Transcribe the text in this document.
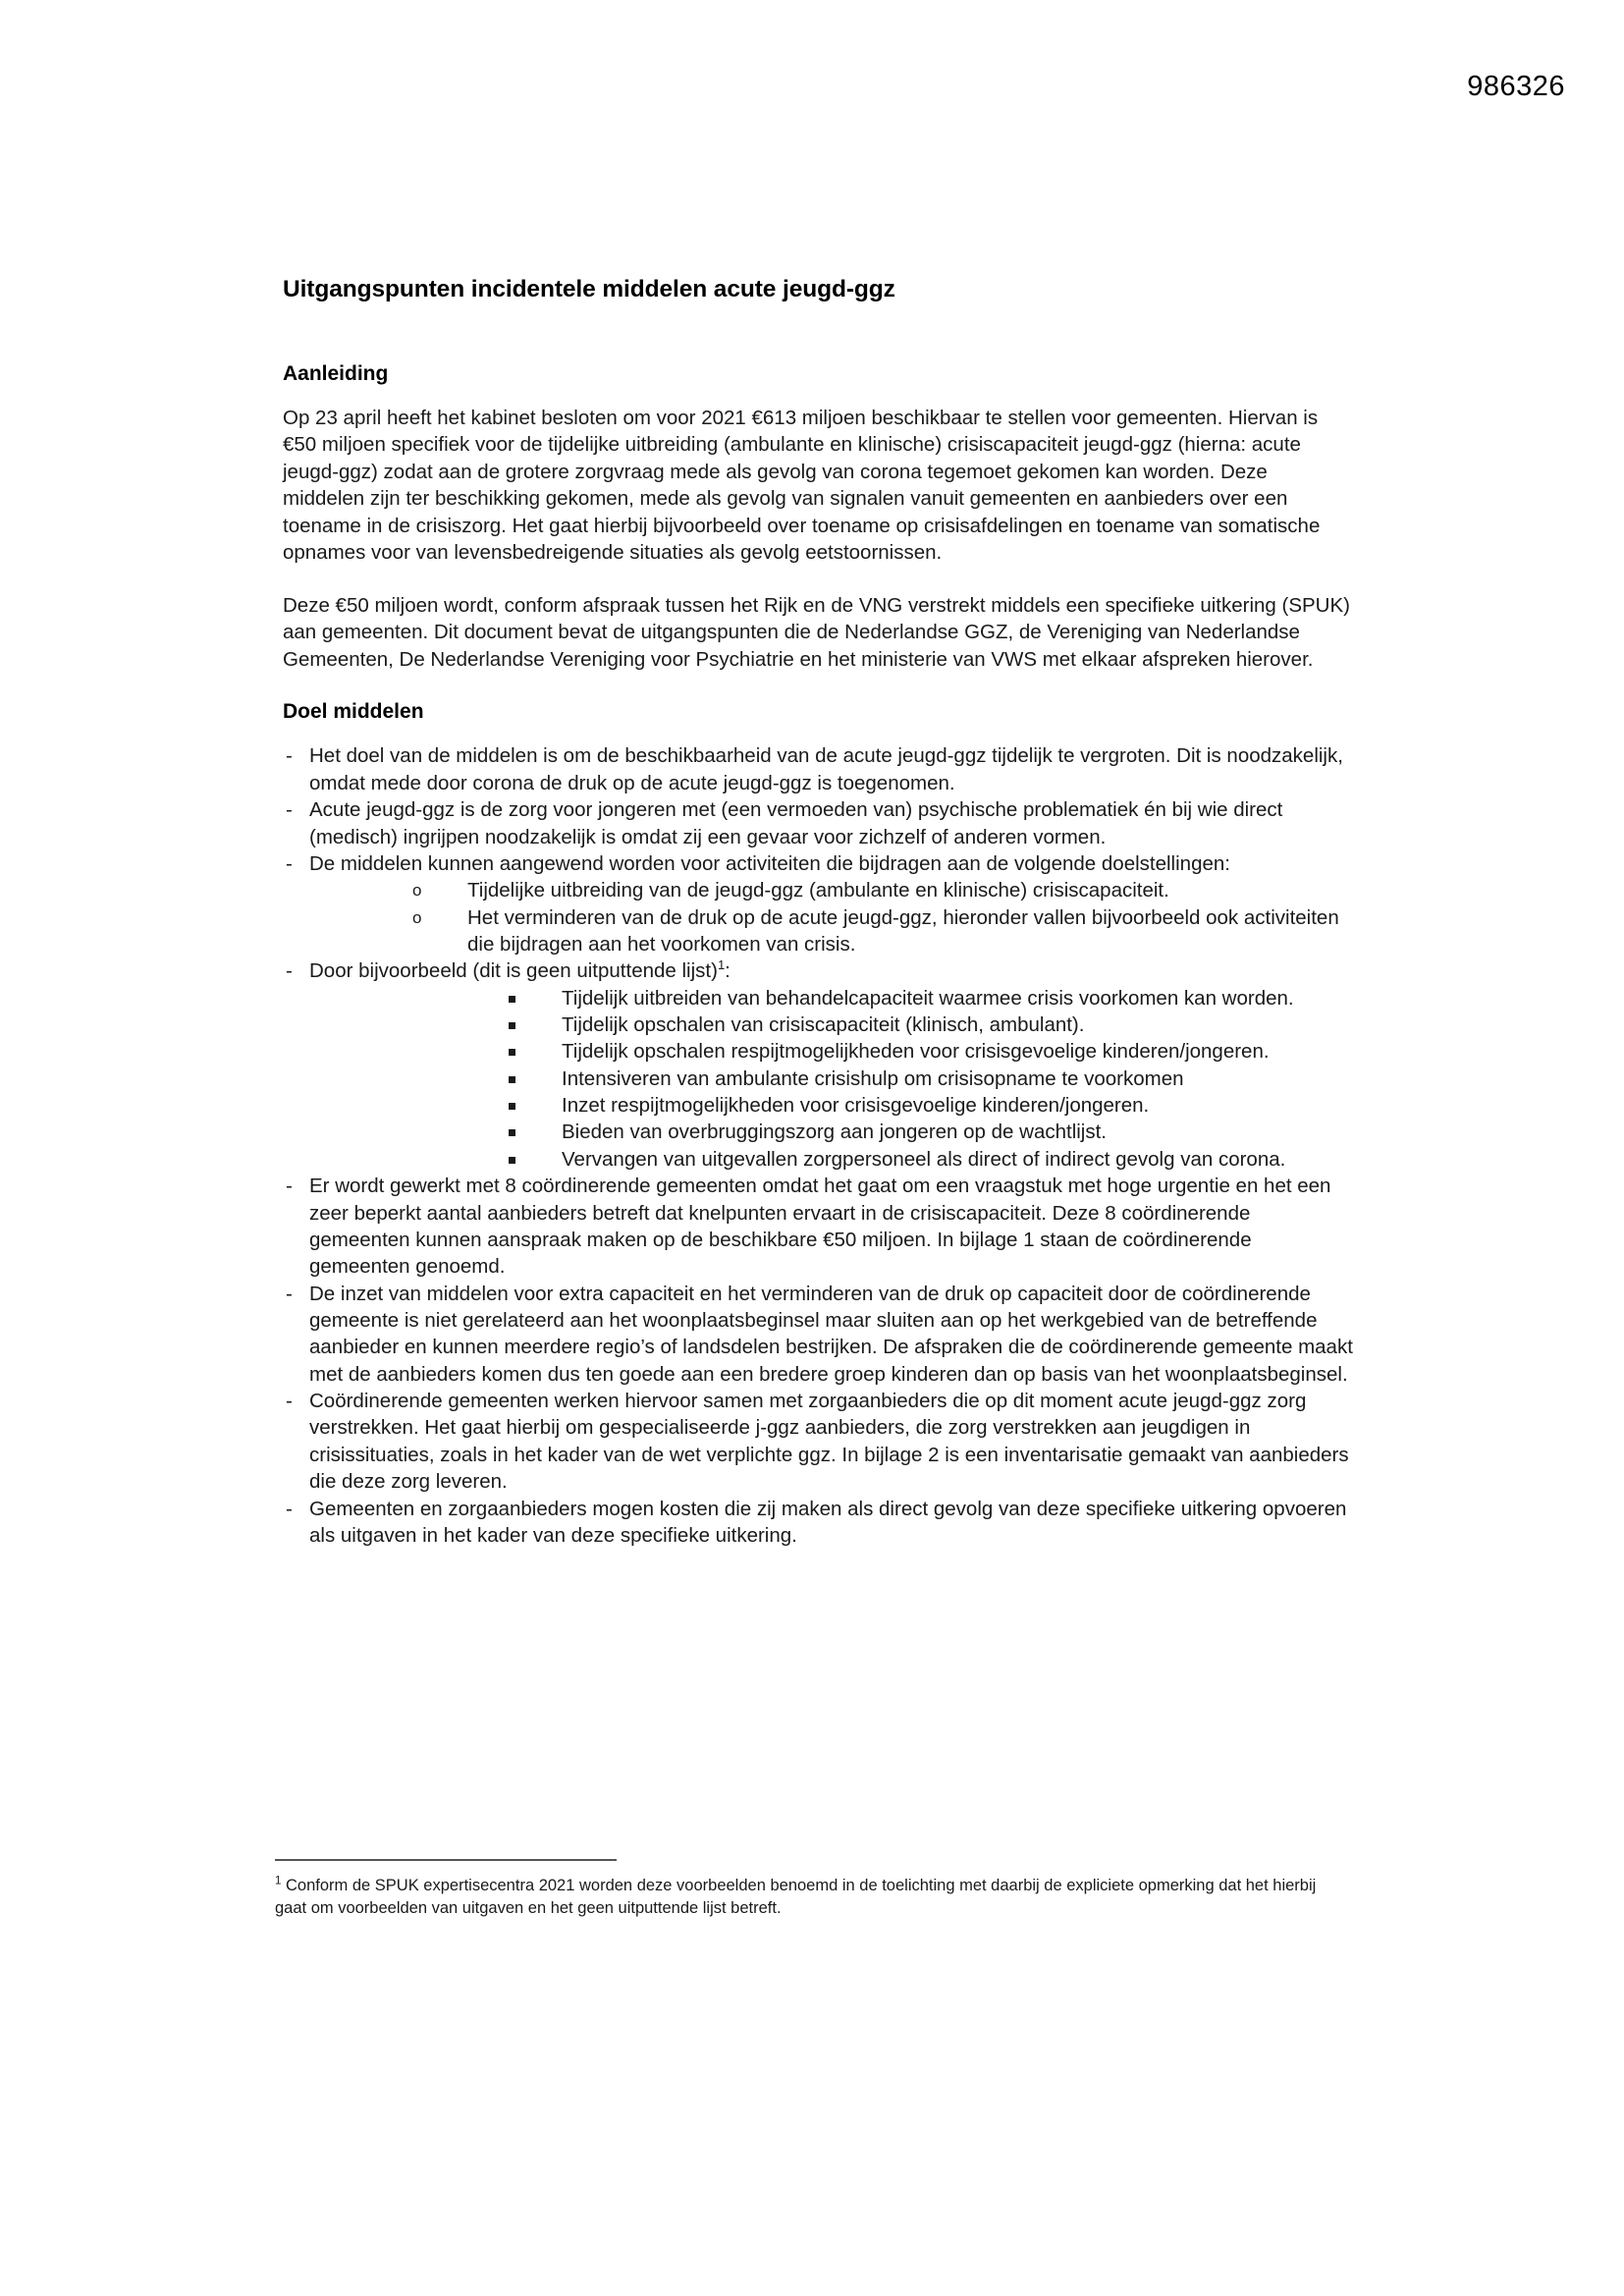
986326
Uitgangspunten incidentele middelen acute jeugd-ggz
Aanleiding

Op 23 april heeft het kabinet besloten om voor 2021 €613 miljoen beschikbaar te stellen voor gemeenten. Hiervan is €50 miljoen specifiek voor de tijdelijke uitbreiding (ambulante en klinische) crisiscapaciteit jeugd-ggz (hierna: acute jeugd-ggz) zodat aan de grotere zorgvraag mede als gevolg van corona tegemoet gekomen kan worden. Deze middelen zijn ter beschikking gekomen, mede als gevolg van signalen vanuit gemeenten en aanbieders over een toename in de crisiszorg. Het gaat hierbij bijvoorbeeld over toename op crisisafdelingen en toename van somatische opnames voor van levensbedreigende situaties als gevolg eetstoornissen.

Deze €50 miljoen wordt, conform afspraak tussen het Rijk en de VNG verstrekt middels een specifieke uitkering (SPUK) aan gemeenten. Dit document bevat de uitgangspunten die de Nederlandse GGZ, de Vereniging van Nederlandse Gemeenten, De Nederlandse Vereniging voor Psychiatrie en het ministerie van VWS met elkaar afspreken hierover.

Doel middelen
- Het doel van de middelen is om de beschikbaarheid van de acute jeugd-ggz tijdelijk te vergroten. Dit is noodzakelijk, omdat mede door corona de druk op de acute jeugd-ggz is toegenomen.
- Acute jeugd-ggz is de zorg voor jongeren met (een vermoeden van) psychische problematiek én bij wie direct (medisch) ingrijpen noodzakelijk is omdat zij een gevaar voor zichzelf of anderen vormen.
- De middelen kunnen aangewend worden voor activiteiten die bijdragen aan de volgende doelstellingen:
o Tijdelijke uitbreiding van de jeugd-ggz (ambulante en klinische) crisiscapaciteit.
o Het verminderen van de druk op de acute jeugd-ggz, hieronder vallen bijvoorbeeld ook activiteiten die bijdragen aan het voorkomen van crisis.
- Door bijvoorbeeld (dit is geen uitputtende lijst)$^1$:
Tijdelijk uitbreiden van behandelcapaciteit waarmee crisis voorkomen kan worden.
Tijdelijk opschalen van crisiscapaciteit (klinisch, ambulant).
Tijdelijk opschalen respijtmogelijkheden voor crisisgevoelige kinderen/jongeren.
Intensiveren van ambulante crisishulp om crisisopname te voorkomen
Inzet respijtmogelijkheden voor crisisgevoelige kinderen/jongeren.
Bieden van overbruggingszorg aan jongeren op de wachtlijst.
Vervangen van uitgevallen zorgpersoneel als direct of indirect gevolg van corona.
- Er wordt gewerkt met 8 coördinerende gemeenten omdat het gaat om een vraagstuk met hoge urgentie en het een zeer beperkt aantal aanbieders betreft dat knelpunten ervaart in de crisiscapaciteit. Deze 8 coördinerende gemeenten kunnen aanspraak maken op de beschikbare €50 miljoen. In bijlage 1 staan de coördinerende gemeenten genoemd.
- De inzet van middelen voor extra capaciteit en het verminderen van de druk op capaciteit door de coördinerende gemeente is niet gerelateerd aan het woonplaatsbeginsel maar sluiten aan op het werkgebied van de betreffende aanbieder en kunnen meerdere regio’s of landsdelen bestrijken. De afspraken die de coördinerende gemeente maakt met de aanbieders komen dus ten goede aan een bredere groep kinderen dan op basis van het woonplaatsbeginsel.
- Coördinerende gemeenten werken hiervoor samen met zorgaanbieders die op dit moment acute jeugd-ggz zorg verstrekken. Het gaat hierbij om gespecialiseerde j-ggz aanbieders, die zorg verstrekken aan jeugdigen in crisissituaties, zoals in het kader van de wet verplichte ggz. In bijlage 2 is een inventarisatie gemaakt van aanbieders die deze zorg leveren.
- Gemeenten en zorgaanbieders mogen kosten die zij maken als direct gevolg van deze specifieke uitkering opvoeren als uitgaven in het kader van deze specifieke uitkering.

$^1$ Conform de SPUK expertisecentra 2021 worden deze voorbeelden benoemd in de toelichting met daarbij de expliciete opmerking dat het hierbij gaat om voorbeelden van uitgaven en het geen uitputtende lijst betreft.
